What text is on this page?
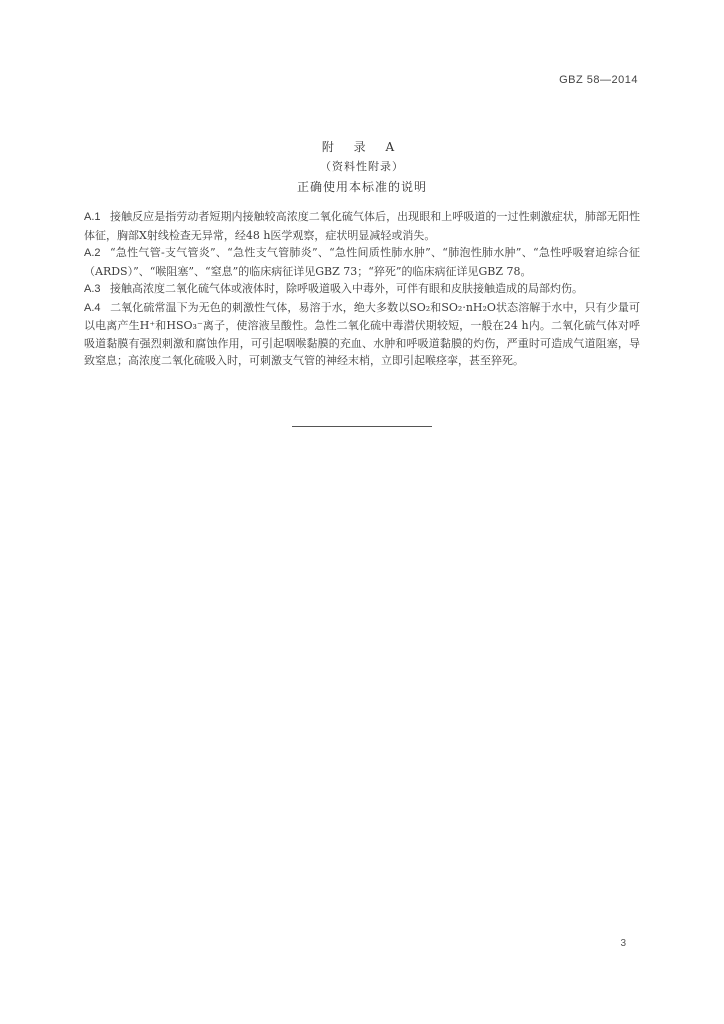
GBZ 58—2014
附 录 A
（资料性附录）
正确使用本标准的说明

A.1 接触反应是指劳动者短期内接触较高浓度二氧化硫气体后，出现眼和上呼吸道的一过性刺激症状，肺部无阳性体征，胸部X射线检查无异常，经48 h医学观察，症状明显减轻或消失。

A.2 “急性气管-支气管炎”、“急性支气管肺炎”、“急性间质性肺水肿”、“肺泡性肺水肿”、“急性呼吸窘迫综合征（ARDS）”、“喉阻塞”、“窒息”的临床病征详见GBZ 73；“猝死”的临床病征详见GBZ 78。

A.3 接触高浓度二氧化硫气体或液体时，除呼吸道吸入中毒外，可伴有眼和皮肤接触造成的局部灼伤。

A.4 二氧化硫常温下为无色的刺激性气体，易溶于水，绝大多数以SO₂和SO₂·nH₂O状态溶解于水中，只有少量可以电离产生H⁺和HSO₃⁻离子，使溶液呈酸性。急性二氧化硫中毒潜伏期较短，一般在24 h内。二氧化硫气体对呼吸道黏膜有强烈刺激和腐蚀作用，可引起咽喉黏膜的充血、水肿和呼吸道黏膜的灼伤，严重时可造成气道阻塞，导致窒息；高浓度二氧化硫吸入时，可刺激支气管的神经末梢，立即引起喉痉挛，甚至猝死。

3
